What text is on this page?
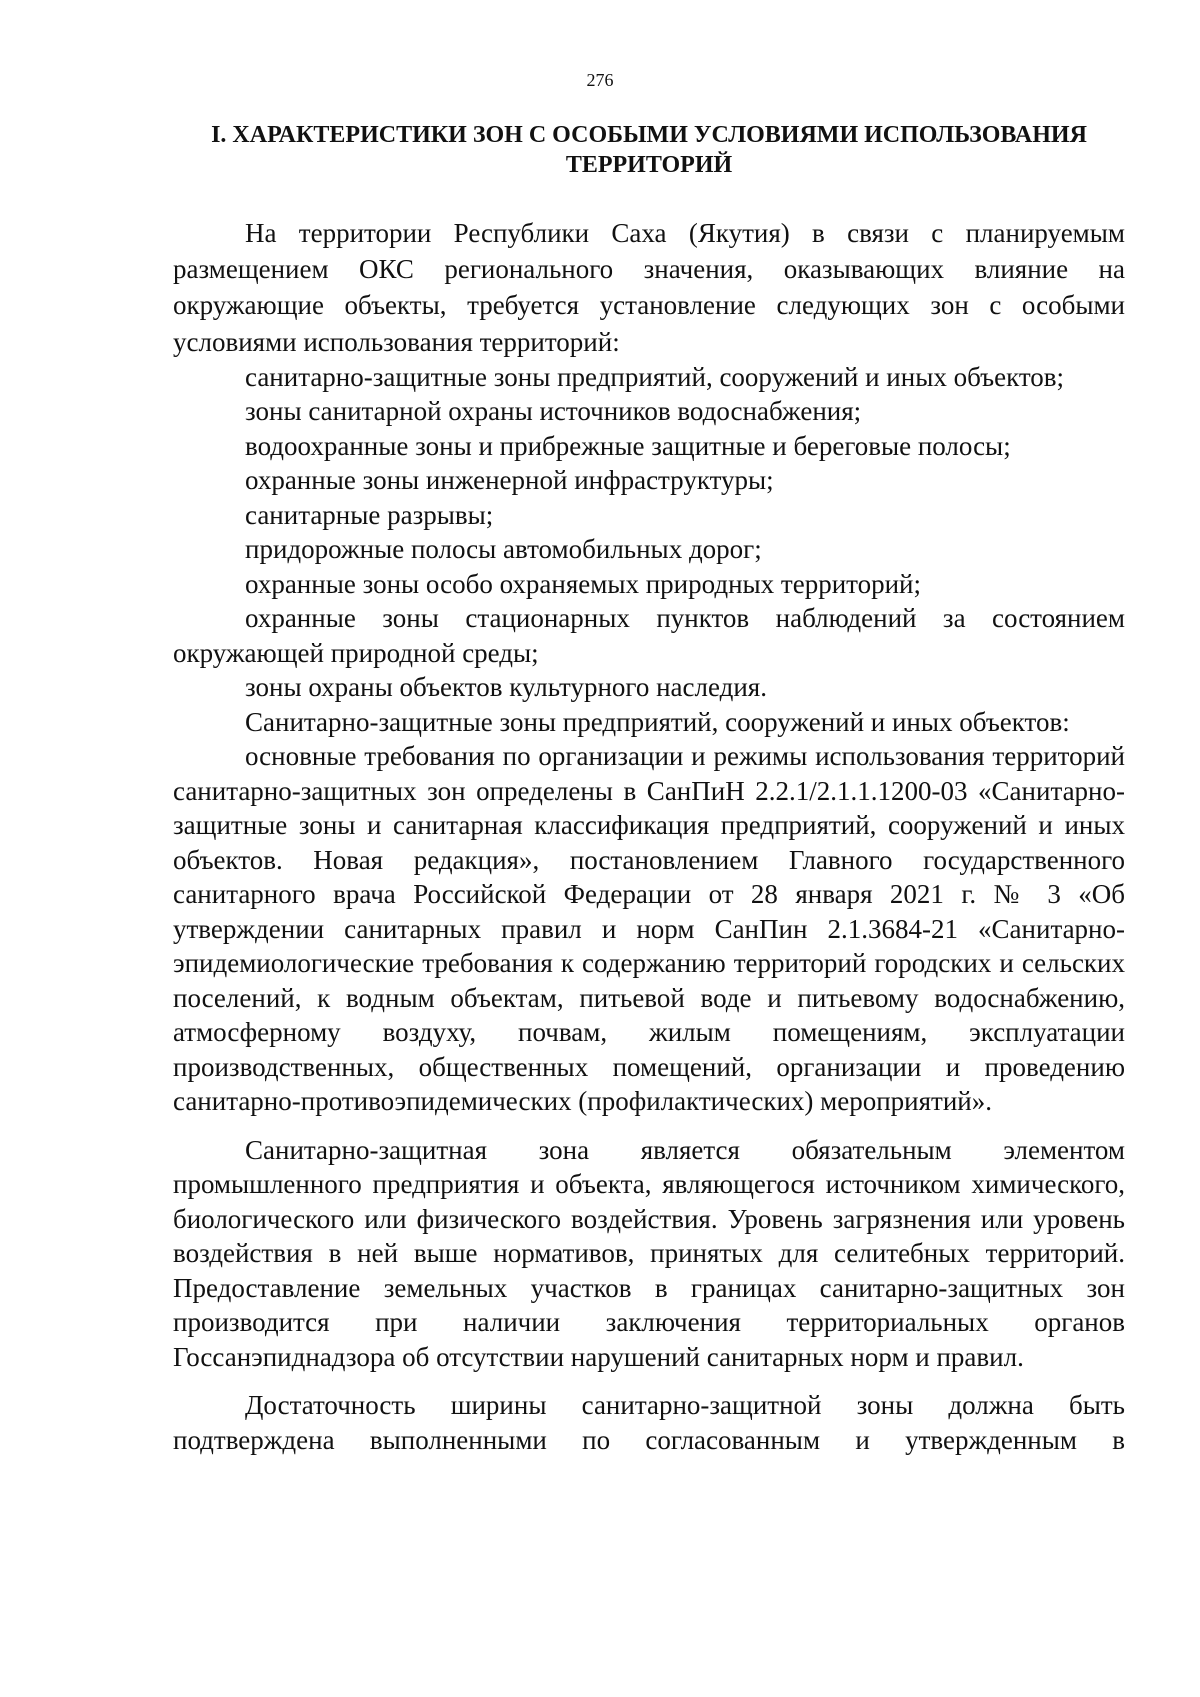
276
I. ХАРАКТЕРИСТИКИ ЗОН С ОСОБЫМИ УСЛОВИЯМИ ИСПОЛЬЗОВАНИЯ
ТЕРРИТОРИЙ

На территории Республики Саха (Якутия) в связи с планируемым размещением ОКС регионального значения, оказывающих влияние на окружающие объекты, требуется установление следующих зон с особыми условиями использования территорий:

санитарно-защитные зоны предприятий, сооружений и иных объектов;

зоны санитарной охраны источников водоснабжения;

водоохранные зоны и прибрежные защитные и береговые полосы;

охранные зоны инженерной инфраструктуры;

санитарные разрывы;

придорожные полосы автомобильных дорог;

охранные зоны особо охраняемых природных территорий;

охранные зоны стационарных пунктов наблюдений за состоянием окружающей природной среды;

зоны охраны объектов культурного наследия.

Санитарно-защитные зоны предприятий, сооружений и иных объектов:

основные требования по организации и режимы использования территорий санитарно-защитных зон определены в СанПиН 2.2.1/2.1.1.1200-03 «Санитарно-защитные зоны и санитарная классификация предприятий, сооружений и иных объектов. Новая редакция», постановлением Главного государственного санитарного врача Российской Федерации от 28 января 2021 г. № 3 «Об утверждении санитарных правил и норм СанПин 2.1.3684-21 «Санитарно-эпидемиологические требования к содержанию территорий городских и сельских поселений, к водным объектам, питьевой воде и питьевому водоснабжению, атмосферному воздуху, почвам, жилым помещениям, эксплуатации производственных, общественных помещений, организации и проведению санитарно-противоэпидемических (профилактических) мероприятий».

Санитарно-защитная зона является обязательным элементом промышленного предприятия и объекта, являющегося источником химического, биологического или физического воздействия. Уровень загрязнения или уровень воздействия в ней выше нормативов, принятых для селитебных территорий. Предоставление земельных участков в границах санитарно-защитных зон производится при наличии заключения территориальных органов Госсанэпиднадзора об отсутствии нарушений санитарных норм и правил.

Достаточность ширины санитарно-защитной зоны должна быть подтверждена выполненными по согласованным и утвержденным в
